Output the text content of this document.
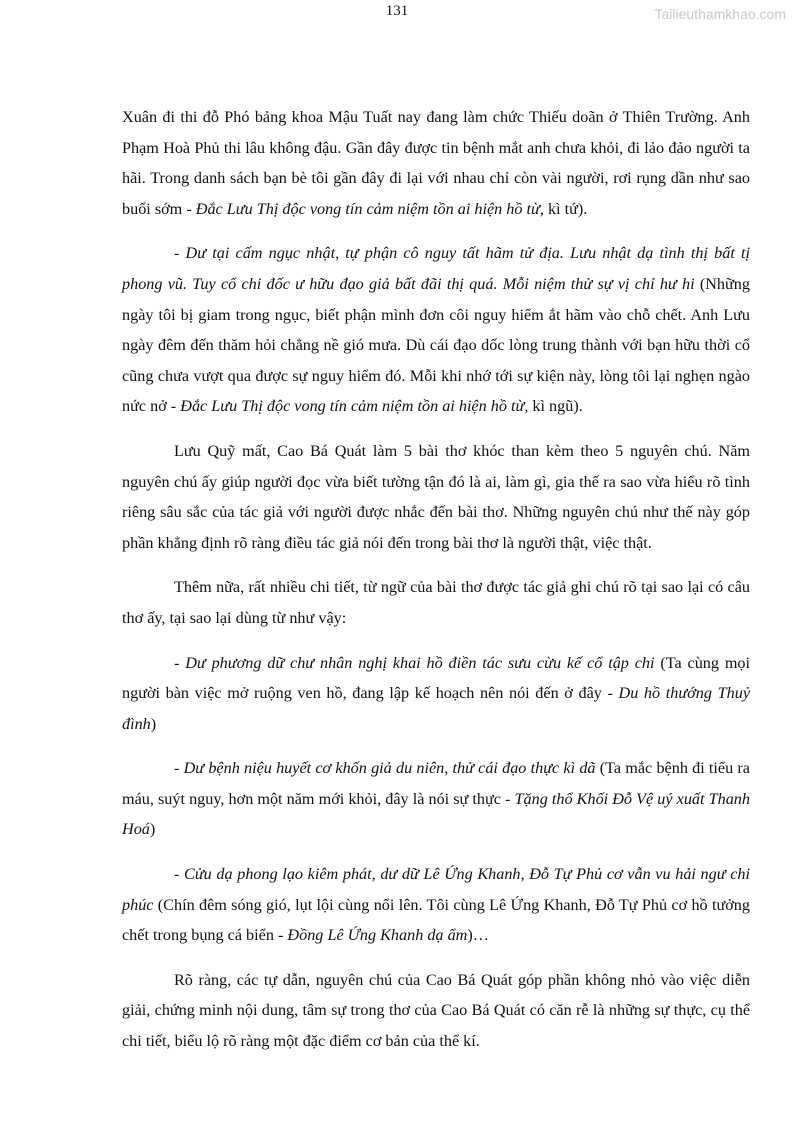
131	Tailieuthamkhao.com

Xuân đi thi đỗ Phó bảng khoa Mậu Tuất nay đang làm chức Thiếu doãn ở Thiên Trường. Anh Phạm Hoà Phủ thi lâu không đậu. Gần đây được tin bệnh mắt anh chưa khỏi, đi lảo đảo người ta hãi. Trong danh sách bạn bè tôi gần đây đi lại với nhau chỉ còn vài người, rơi rụng dần như sao buổi sớm - Đắc Lưu Thị độc vong tín cảm niệm tồn ai hiện hồ từ, kì tứ).

- Dư tại cấm ngục nhật, tự phận cô nguy tất hãm tử địa. Lưu nhật dạ tình thị bất tị phong vũ. Tuy cổ chi đốc ư hữu đạo giả bất đãi thị quá. Mỗi niệm thử sự vị chỉ hư hi (Những ngày tôi bị giam trong ngục, biết phận mình đơn côi nguy hiểm ắt hãm vào chỗ chết. Anh Lưu ngày đêm đến thăm hỏi chẳng nề gió mưa. Dù cái đạo dốc lòng trung thành với bạn hữu thời cổ cũng chưa vượt qua được sự nguy hiểm đó. Mỗi khi nhớ tới sự kiện này, lòng tôi lại nghẹn ngào nức nở - Đắc Lưu Thị độc vong tín cảm niệm tồn ai hiện hồ từ, kì ngũ).

Lưu Quỹ mất, Cao Bá Quát làm 5 bài thơ khóc than kèm theo 5 nguyên chú. Năm nguyên chú ấy giúp người đọc vừa biết tường tận đó là ai, làm gì, gia thế ra sao vừa hiểu rõ tình riêng sâu sắc của tác giả với người được nhắc đến bài thơ. Những nguyên chú như thế này góp phần khẳng định rõ ràng điều tác giả nói đến trong bài thơ là người thật, việc thật.

Thêm nữa, rất nhiều chi tiết, từ ngữ của bài thơ được tác giả ghi chú rõ tại sao lại có câu thơ ấy, tại sao lại dùng từ như vậy:

- Dư phương dữ chư nhân nghị khai hồ điền tác sưu cừu kế cổ tập chi (Ta cùng mọi người bàn việc mở ruộng ven hồ, đang lập kế hoạch nên nói đến ở đây - Du hồ thướng Thuỷ đình)

- Dư bệnh niệu huyết cơ khốn giả du niên, thử cái đạo thực kì dã (Ta mắc bệnh đi tiểu ra máu, suýt nguy, hơn một năm mới khỏi, đây là nói sự thực - Tặng thổ Khối Đỗ Vệ uý xuất Thanh Hoá)

- Cửu dạ phong lạo kiêm phát, dư dữ Lê Ứng Khanh, Đỗ Tự Phủ cơ vẫn vu hải ngư chi phúc (Chín đêm sóng gió, lụt lội cùng nổi lên. Tôi cùng Lê Ứng Khanh, Đỗ Tự Phủ cơ hồ tưởng chết trong bụng cá biển - Đồng Lê Ứng Khanh dạ ẩm)…

Rõ ràng, các tự dẫn, nguyên chú của Cao Bá Quát góp phần không nhỏ vào việc diễn giải, chứng minh nội dung, tâm sự trong thơ của Cao Bá Quát có căn rễ là những sự thực, cụ thể chi tiết, biểu lộ rõ ràng một đặc điểm cơ bản của thể kí.
